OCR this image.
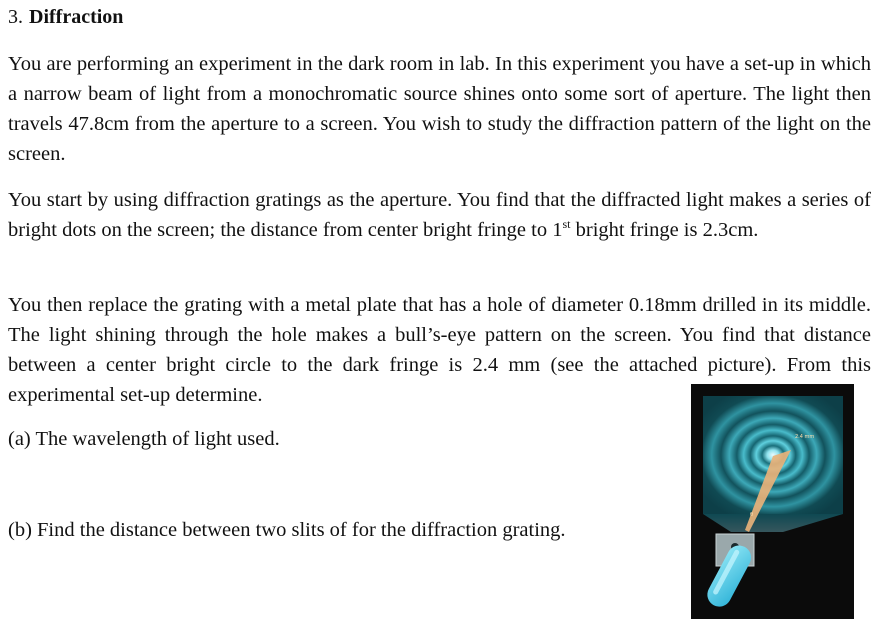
3. Diffraction

You are performing an experiment in the dark room in lab. In this experiment you have a set-up in which a narrow beam of light from a monochromatic source shines onto some sort of aperture. The light then travels 47.8cm from the aperture to a screen. You wish to study the diffraction pattern of the light on the screen.

You start by using diffraction gratings as the aperture. You find that the diffracted light makes a series of bright dots on the screen; the distance from center bright fringe to 1st bright fringe is 2.3cm.

You then replace the grating with a metal plate that has a hole of diameter 0.18mm drilled in its middle. The light shining through the hole makes a bull’s-eye pattern on the screen. You find that distance between a center bright circle to the dark fringe is 2.4 mm (see the attached picture). From this experimental set-up determine.

(a) The wavelength of light used.

(b) Find the distance between two slits of for the diffraction grating.

2.4 mm
θ
